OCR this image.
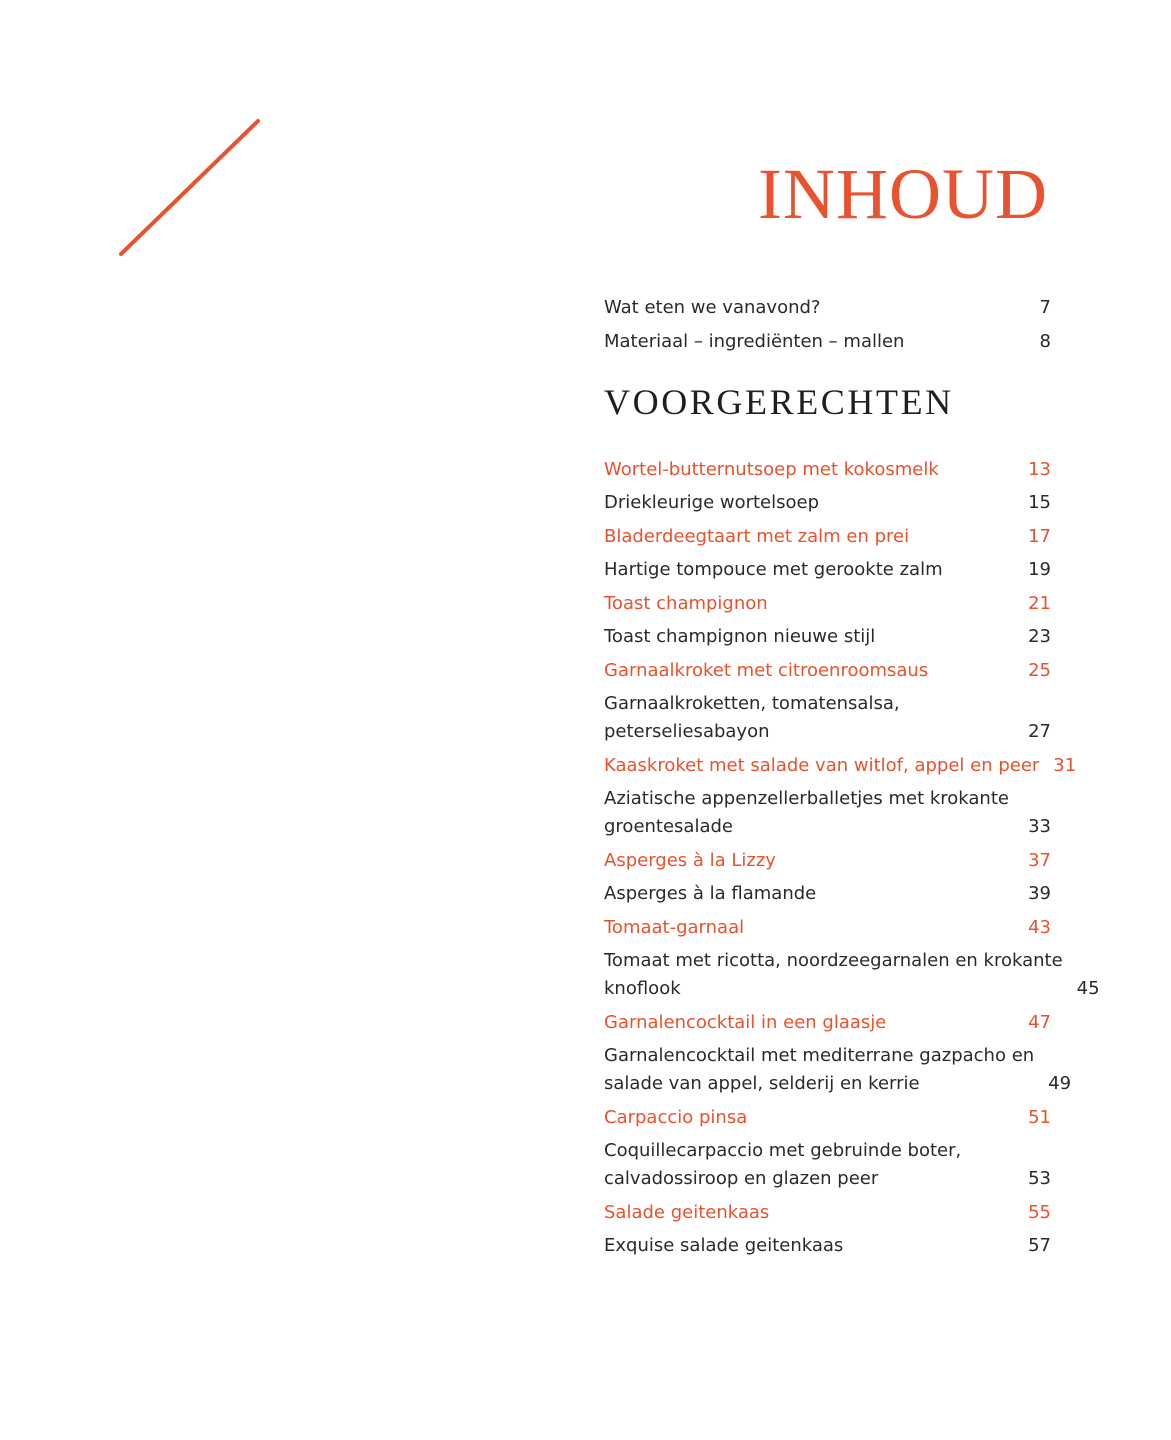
INHOUD
Wat eten we vanavond?	7
Materiaal – ingrediënten – mallen	8
VOORGERECHTEN
Wortel-butternutsoep met kokosmelk	13
Driekleurige wortelsoep	15
Bladerdeegtaart met zalm en prei	17
Hartige tompouce met gerookte zalm	19
Toast champignon	21
Toast champignon nieuwe stijl	23
Garnaalkroket met citroenroomsaus	25
Garnaalkroketten, tomatensalsa,
peterseliesabayon	27
Kaaskroket met salade van witlof, appel en peer 31
Aziatische appenzellerballetjes met krokante
groentesalade	33
Asperges à la Lizzy	37
Asperges à la flamande	39
Tomaat-garnaal	43
Tomaat met ricotta, noordzeegarnalen en krokante
knoflook	45
Garnalencocktail in een glaasje	47
Garnalencocktail met mediterrane gazpacho en
salade van appel, selderij en kerrie	49
Carpaccio pinsa	51
Coquillecarpaccio met gebruinde boter,
calvadossiroop en glazen peer	53
Salade geitenkaas	55
Exquise salade geitenkaas	57
